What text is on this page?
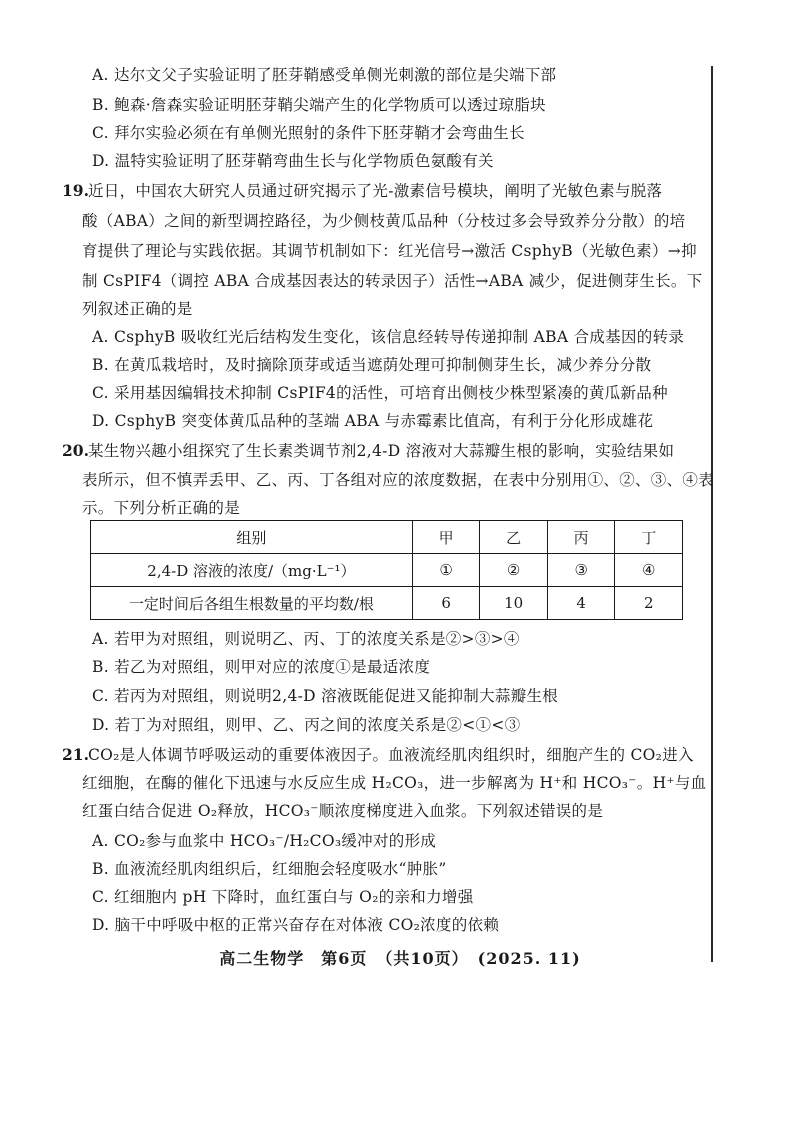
A. 达尔文父子实验证明了胚芽鞘感受单侧光刺激的部位是尖端下部
B. 鲍森·詹森实验证明胚芽鞘尖端产生的化学物质可以透过琼脂块
C. 拜尔实验必须在有单侧光照射的条件下胚芽鞘才会弯曲生长
D. 温特实验证明了胚芽鞘弯曲生长与化学物质色氨酸有关
19. 近日，中国农大研究人员通过研究揭示了光-激素信号模块，阐明了光敏色素与脱落
酸（ABA）之间的新型调控路径，为少侧枝黄瓜品种（分枝过多会导致养分分散）的培
育提供了理论与实践依据。其调节机制如下：红光信号→激活 CsphyB（光敏色素）→抑
制 CsPIF4（调控 ABA 合成基因表达的转录因子）活性→ABA 减少，促进侧芽生长。下
列叙述正确的是
A. CsphyB 吸收红光后结构发生变化，该信息经转导传递抑制 ABA 合成基因的转录
B. 在黄瓜栽培时，及时摘除顶芽或适当遮荫处理可抑制侧芽生长，减少养分分散
C. 采用基因编辑技术抑制 CsPIF4的活性，可培育出侧枝少株型紧凑的黄瓜新品种
D. CsphyB 突变体黄瓜品种的茎端 ABA 与赤霉素比值高，有利于分化形成雄花
20. 某生物兴趣小组探究了生长素类调节剂2,4-D 溶液对大蒜瓣生根的影响，实验结果如
表所示，但不慎弄丢甲、乙、丙、丁各组对应的浓度数据，在表中分别用①、②、③、④表
示。下列分析正确的是
组别	甲	乙	丙	丁
2,4-D 溶液的浓度/（mg·L⁻¹）	①	②	③	④
一定时间后各组生根数量的平均数/根	6	10	4	2
A. 若甲为对照组，则说明乙、丙、丁的浓度关系是②>③>④
B. 若乙为对照组，则甲对应的浓度①是最适浓度
C. 若丙为对照组，则说明2,4-D 溶液既能促进又能抑制大蒜瓣生根
D. 若丁为对照组，则甲、乙、丙之间的浓度关系是②<①<③
21. CO₂是人体调节呼吸运动的重要体液因子。血液流经肌肉组织时，细胞产生的 CO₂进入
红细胞，在酶的催化下迅速与水反应生成 H₂CO₃，进一步解离为 H⁺和 HCO₃⁻。H⁺与血
红蛋白结合促进 O₂释放，HCO₃⁻顺浓度梯度进入血浆。下列叙述错误的是
A. CO₂参与血浆中 HCO₃⁻/H₂CO₃缓冲对的形成
B. 血液流经肌肉组织后，红细胞会轻度吸水“肿胀”
C. 红细胞内 pH 下降时，血红蛋白与 O₂的亲和力增强
D. 脑干中呼吸中枢的正常兴奋存在对体液 CO₂浓度的依赖
高二生物学　第6页　（共10页）　(2025. 11)
